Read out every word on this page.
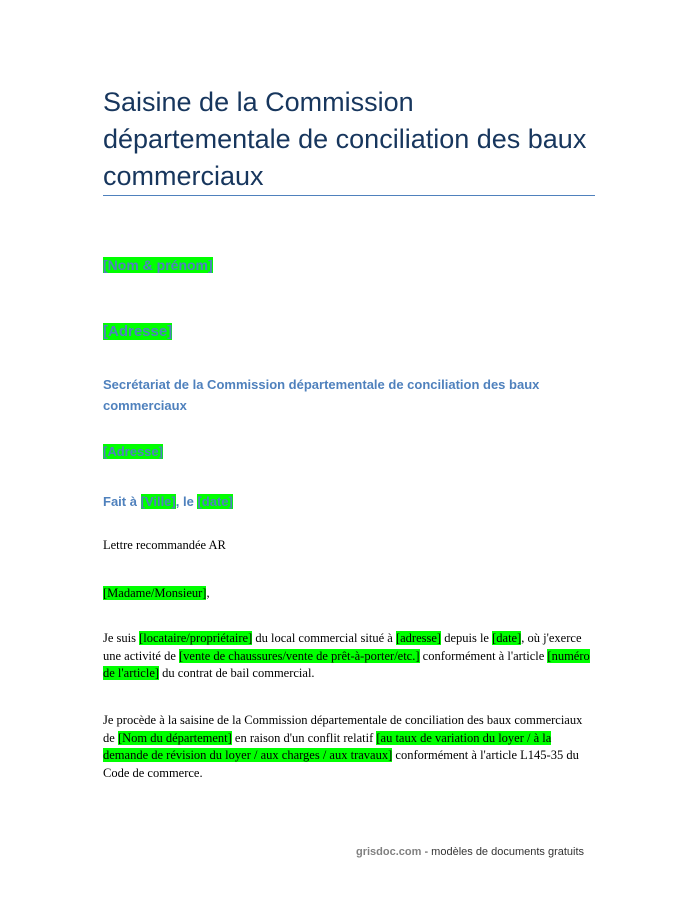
Saisine de la Commission départementale de conciliation des baux commerciaux
[Nom & prénom]
[Adresse]
Secrétariat de la Commission départementale de conciliation des baux commerciaux
[Adresse]
Fait à [Ville], le [date]
Lettre recommandée AR
[Madame/Monsieur],
Je suis [locataire/propriétaire] du local commercial situé à [adresse] depuis le [date], où j'exerce une activité de [vente de chaussures/vente de prêt-à-porter/etc.] conformément à l'article [numéro de l'article] du contrat de bail commercial.
Je procède à la saisine de la Commission départementale de conciliation des baux commerciaux de [Nom du département] en raison d'un conflit relatif [au taux de variation du loyer / à la demande de révision du loyer / aux charges / aux travaux] conformément à l'article L145-35 du Code de commerce.
grisdoc.com - modèles de documents gratuits
